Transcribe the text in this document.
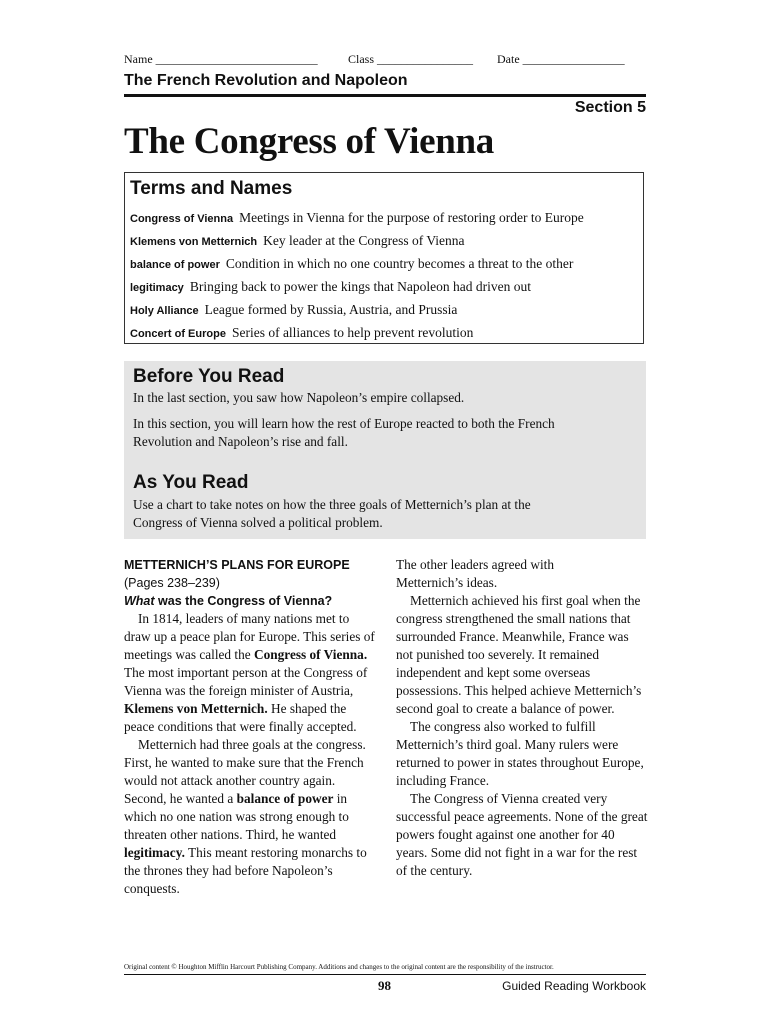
Name ___________________________	Class ________________ Date _________________
The French Revolution and Napoleon
Section 5
The Congress of Vienna
Terms and Names
Congress of Vienna Meetings in Vienna for the purpose of restoring order to Europe
Klemens von Metternich Key leader at the Congress of Vienna
balance of power Condition in which no one country becomes a threat to the other
legitimacy Bringing back to power the kings that Napoleon had driven out
Holy Alliance League formed by Russia, Austria, and Prussia
Concert of Europe Series of alliances to help prevent revolution
Before You Read
In the last section, you saw how Napoleon’s empire collapsed.
In this section, you will learn how the rest of Europe reacted to both the French Revolution and Napoleon’s rise and fall.
As You Read
Use a chart to take notes on how the three goals of Metternich’s plan at the Congress of Vienna solved a political problem.
METTERNICH’S PLANS FOR EUROPE (Pages 238–239)
What was the Congress of Vienna?

In 1814, leaders of many nations met to draw up a peace plan for Europe. This series of meetings was called the Congress of Vienna. The most important person at the Congress of Vienna was the foreign minister of Austria, Klemens von Metternich. He shaped the peace conditions that were finally accepted.

Metternich had three goals at the congress. First, he wanted to make sure that the French would not attack another country again. Second, he wanted a balance of power in which no one nation was strong enough to threaten other nations. Third, he wanted legitimacy. This meant restoring monarchs to the thrones they had before Napoleon’s conquests.

The other leaders agreed with Metternich’s ideas.

Metternich achieved his first goal when the congress strengthened the small nations that surrounded France. Meanwhile, France was not punished too severely. It remained independent and kept some overseas possessions. This helped achieve Metternich’s second goal to create a balance of power.

The congress also worked to fulfill Metternich’s third goal. Many rulers were returned to power in states throughout Europe, including France.

The Congress of Vienna created very successful peace agreements. None of the great powers fought against one another for 40 years. Some did not fight in a war for the rest of the century.

Original content © Houghton Mifflin Harcourt Publishing Company. Additions and changes to the original content are the responsibility of the instructor.
98	Guided Reading Workbook
